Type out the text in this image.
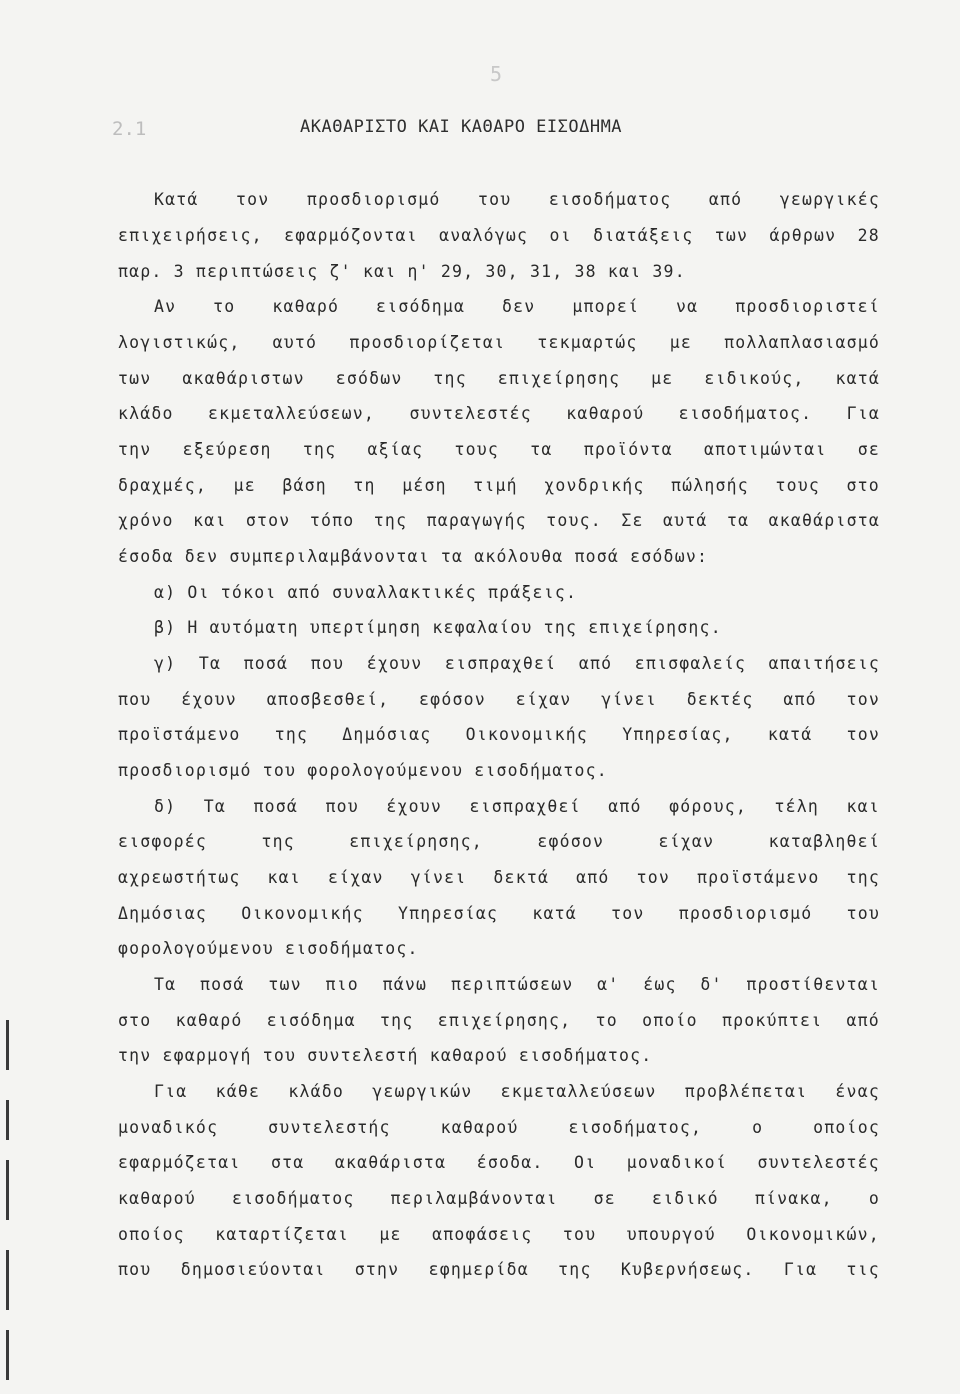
5
2.1	ΑΚΑΘΑΡΙΣΤΟ ΚΑΙ ΚΑΘΑΡΟ ΕΙΣΟΔΗΜΑ
Κατά τον προσδιορισμό του εισοδήματος από γεωργικές
επιχειρήσεις, εφαρμόζονται αναλόγως οι διατάξεις των άρθρων 28
παρ. 3 περιπτώσεις ζ' και η' 29, 30, 31, 38 και 39.
Αν το καθαρό εισόδημα δεν μπορεί να προσδιοριστεί
λογιστικώς, αυτό προσδιορίζεται τεκμαρτώς με πολλαπλασιασμό
των ακαθάριστων εσόδων της επιχείρησης με ειδικούς, κατά
κλάδο εκμεταλλεύσεων, συντελεστές καθαρού εισοδήματος. Για
την εξεύρεση της αξίας τους τα προϊόντα αποτιμώνται σε
δραχμές, με βάση τη μέση τιμή χονδρικής πώλησής τους στο
χρόνο και στον τόπο της παραγωγής τους. Σε αυτά τα ακαθάριστα
έσοδα δεν συμπεριλαμβάνονται τα ακόλουθα ποσά εσόδων:
α) Οι τόκοι από συναλλακτικές πράξεις.
β) Η αυτόματη υπερτίμηση κεφαλαίου της επιχείρησης.
γ) Τα ποσά που έχουν εισπραχθεί από επισφαλείς απαιτήσεις
που έχουν αποσβεσθεί, εφόσον είχαν γίνει δεκτές από τον
προϊστάμενο της Δημόσιας Οικονομικής Υπηρεσίας, κατά τον
προσδιορισμό του φορολογούμενου εισοδήματος.
δ) Τα ποσά που έχουν εισπραχθεί από φόρους, τέλη και
εισφορές	της	επιχείρησης,	εφόσον	είχαν	καταβληθεί
αχρεωστήτως και είχαν γίνει δεκτά από τον προϊστάμενο της
Δημόσιας Οικονομικής Υπηρεσίας κατά τον προσδιορισμό του
φορολογούμενου εισοδήματος.
Τα ποσά των πιο πάνω περιπτώσεων α' έως δ' προστίθενται
στο καθαρό εισόδημα της επιχείρησης, το οποίο προκύπτει από
την εφαρμογή του συντελεστή καθαρού εισοδήματος.
Για κάθε κλάδο γεωργικών εκμεταλλεύσεων προβλέπεται ένας
μοναδικός	συντελεστής	καθαρού	εισοδήματος,	ο	οποίος
εφαρμόζεται στα ακαθάριστα έσοδα. Οι μοναδικοί συντελεστές
καθαρού εισοδήματος περιλαμβάνονται σε ειδικό πίνακα, ο
οποίος καταρτίζεται με αποφάσεις του υπουργού Οικονομικών,
που δημοσιεύονται στην εφημερίδα της Κυβερνήσεως. Για τις
